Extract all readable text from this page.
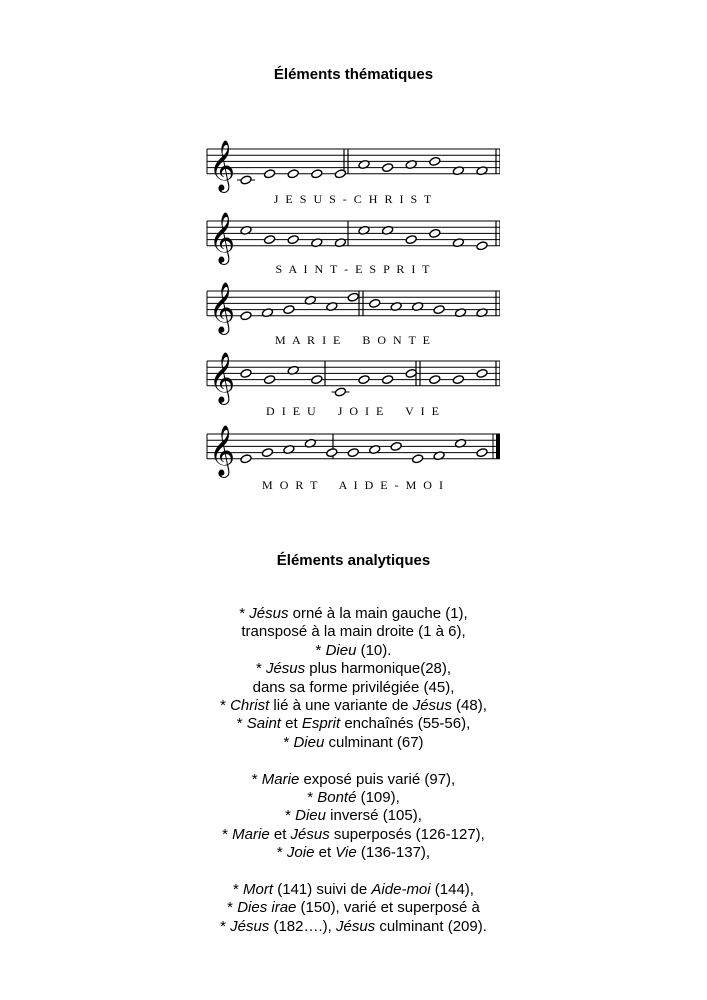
Éléments thématiques
𝄞
J E S U S - C H R I S T
𝄞
S A I N T - E S P R I T
𝄞
M A R I E    B O N T E
𝄞
D I E U    J O I E    V I E
𝄞
M O R T    A I D E - M O I
Éléments analytiques
* Jésus orné à la main gauche (1),
transposé à la main droite (1 à 6),
* Dieu (10).
* Jésus plus harmonique(28),
dans sa forme privilégiée (45),
* Christ lié à une variante de Jésus (48),
* Saint et Esprit enchaînés (55-56),
* Dieu culminant (67)
* Marie exposé puis varié (97),
* Bonté (109),
* Dieu inversé (105),
* Marie et Jésus superposés (126-127),
* Joie et Vie (136-137),
* Mort (141) suivi de Aide-moi (144),
* Dies irae (150), varié et superposé à
* Jésus (182….), Jésus culminant (209).
